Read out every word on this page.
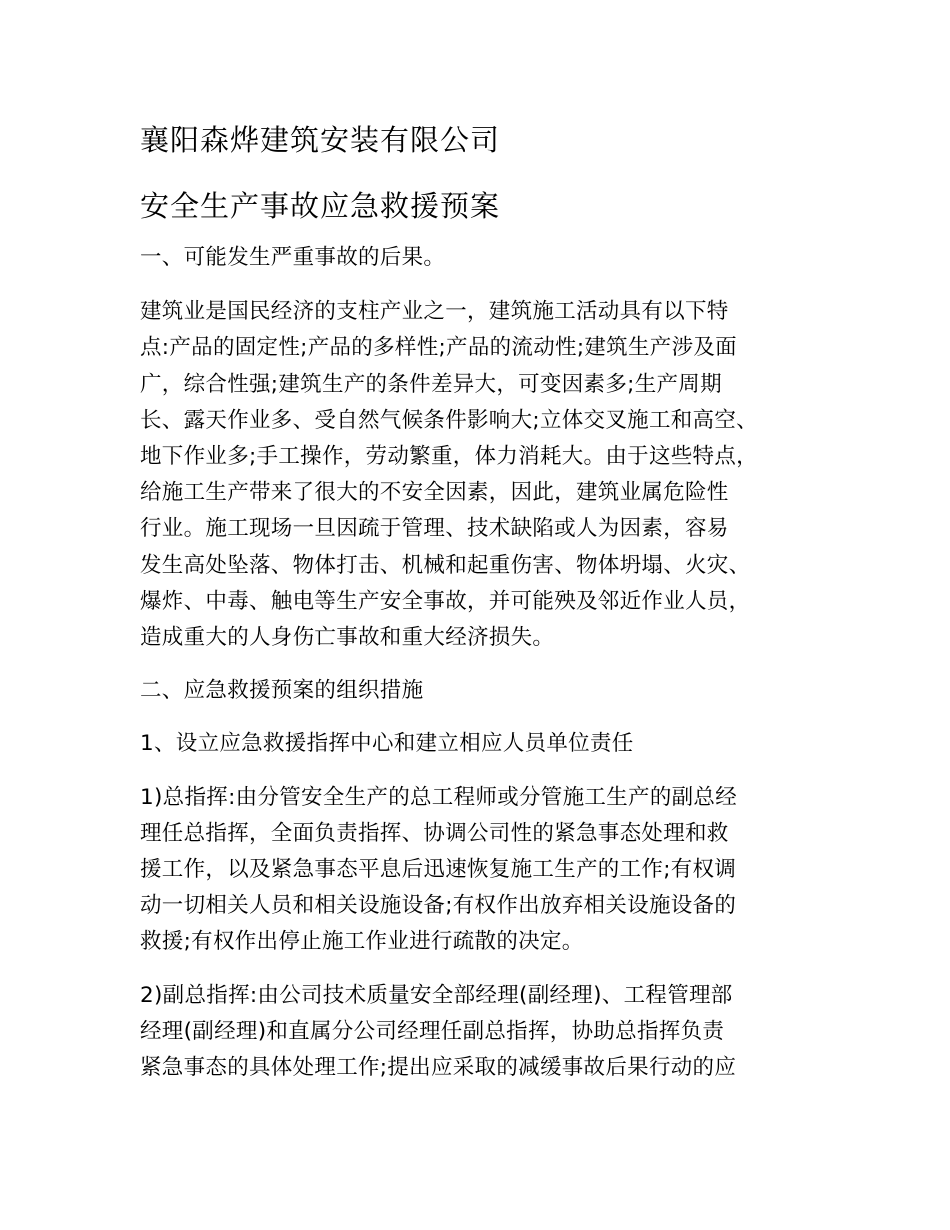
襄阳森烨建筑安装有限公司
安全生产事故应急救援预案

一、可能发生严重事故的后果。

建筑业是国民经济的支柱产业之一，建筑施工活动具有以下特
点:产品的固定性;产品的多样性;产品的流动性;建筑生产涉及面
广，综合性强;建筑生产的条件差异大，可变因素多;生产周期
长、露天作业多、受自然气候条件影响大;立体交叉施工和高空、
地下作业多;手工操作，劳动繁重，体力消耗大。由于这些特点，
给施工生产带来了很大的不安全因素，因此，建筑业属危险性
行业。施工现场一旦因疏于管理、技术缺陷或人为因素，容易
发生高处坠落、物体打击、机械和起重伤害、物体坍塌、火灾、
爆炸、中毒、触电等生产安全事故，并可能殃及邻近作业人员，
造成重大的人身伤亡事故和重大经济损失。

二、应急救援预案的组织措施

1、设立应急救援指挥中心和建立相应人员单位责任

1)总指挥:由分管安全生产的总工程师或分管施工生产的副总经
理任总指挥，全面负责指挥、协调公司性的紧急事态处理和救
援工作，以及紧急事态平息后迅速恢复施工生产的工作;有权调
动一切相关人员和相关设施设备;有权作出放弃相关设施设备的
救援;有权作出停止施工作业进行疏散的决定。

2)副总指挥:由公司技术质量安全部经理(副经理)、工程管理部
经理(副经理)和直属分公司经理任副总指挥，协助总指挥负责
紧急事态的具体处理工作;提出应采取的减缓事故后果行动的应
